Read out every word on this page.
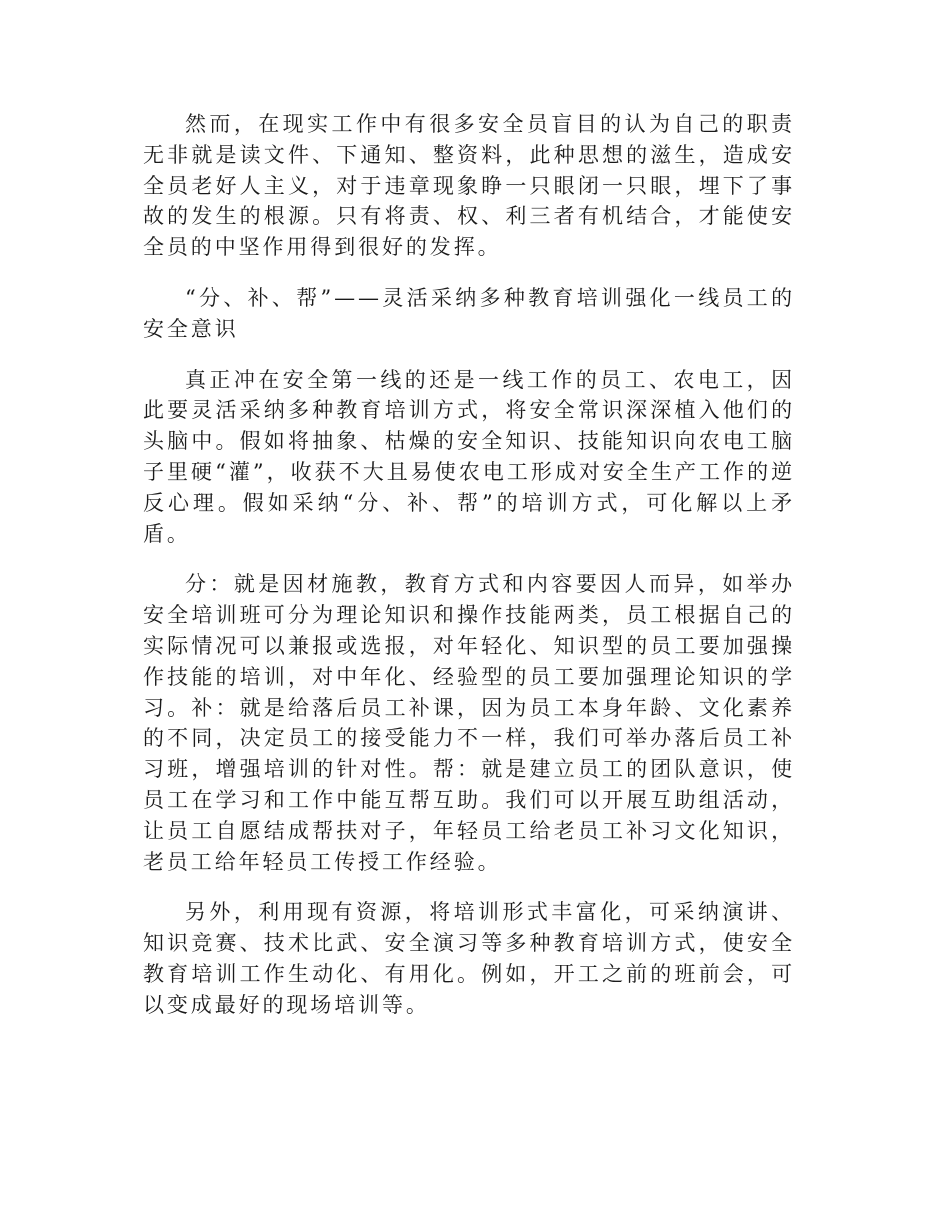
然而，在现实工作中有很多安全员盲目的认为自己的职责无非就是读文件、下通知、整资料，此种思想的滋生，造成安全员老好人主义，对于违章现象睁一只眼闭一只眼，埋下了事故的发生的根源。只有将责、权、利三者有机结合，才能使安全员的中坚作用得到很好的发挥。

“分、补、帮”——灵活采纳多种教育培训强化一线员工的安全意识

真正冲在安全第一线的还是一线工作的员工、农电工，因此要灵活采纳多种教育培训方式，将安全常识深深植入他们的头脑中。假如将抽象、枯燥的安全知识、技能知识向农电工脑子里硬“灌”，收获不大且易使农电工形成对安全生产工作的逆反心理。假如采纳“分、补、帮”的培训方式，可化解以上矛盾。

分：就是因材施教，教育方式和内容要因人而异，如举办安全培训班可分为理论知识和操作技能两类，员工根据自己的实际情况可以兼报或选报，对年轻化、知识型的员工要加强操作技能的培训，对中年化、经验型的员工要加强理论知识的学习。补：就是给落后员工补课，因为员工本身年龄、文化素养的不同，决定员工的接受能力不一样，我们可举办落后员工补习班，增强培训的针对性。帮：就是建立员工的团队意识，使员工在学习和工作中能互帮互助。我们可以开展互助组活动，让员工自愿结成帮扶对子，年轻员工给老员工补习文化知识，老员工给年轻员工传授工作经验。

另外，利用现有资源，将培训形式丰富化，可采纳演讲、知识竞赛、技术比武、安全演习等多种教育培训方式，使安全教育培训工作生动化、有用化。例如，开工之前的班前会，可以变成最好的现场培训等。
